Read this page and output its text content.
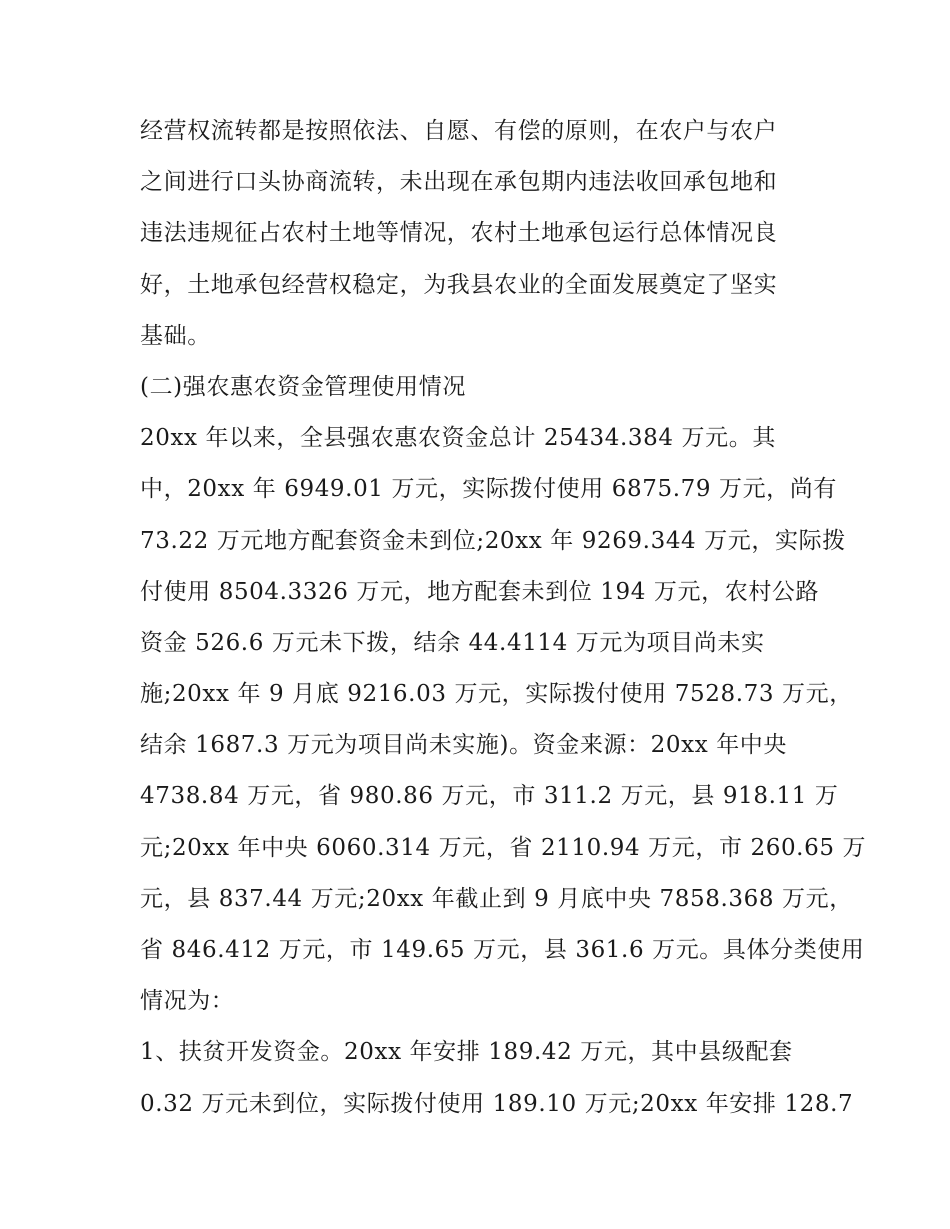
经营权流转都是按照依法、自愿、有偿的原则，在农户与农户
之间进行口头协商流转，未出现在承包期内违法收回承包地和
违法违规征占农村土地等情况，农村土地承包运行总体情况良
好，土地承包经营权稳定，为我县农业的全面发展奠定了坚实
基础。
(二)强农惠农资金管理使用情况
20xx 年以来，全县强农惠农资金总计 25434.384 万元。其
中，20xx 年 6949.01 万元，实际拨付使用 6875.79 万元，尚有
73.22 万元地方配套资金未到位;20xx 年 9269.344 万元，实际拨
付使用 8504.3326 万元，地方配套未到位 194 万元，农村公路
资金 526.6 万元未下拨，结余 44.4114 万元为项目尚未实
施;20xx 年 9 月底 9216.03 万元，实际拨付使用 7528.73 万元，
结余 1687.3 万元为项目尚未实施)。资金来源：20xx 年中央
4738.84 万元，省 980.86 万元，市 311.2 万元，县 918.11 万
元;20xx 年中央 6060.314 万元，省 2110.94 万元，市 260.65 万
元，县 837.44 万元;20xx 年截止到 9 月底中央 7858.368 万元，
省 846.412 万元，市 149.65 万元，县 361.6 万元。具体分类使用
情况为：
1、扶贫开发资金。20xx 年安排 189.42 万元，其中县级配套
0.32 万元未到位，实际拨付使用 189.10 万元;20xx 年安排 128.7
